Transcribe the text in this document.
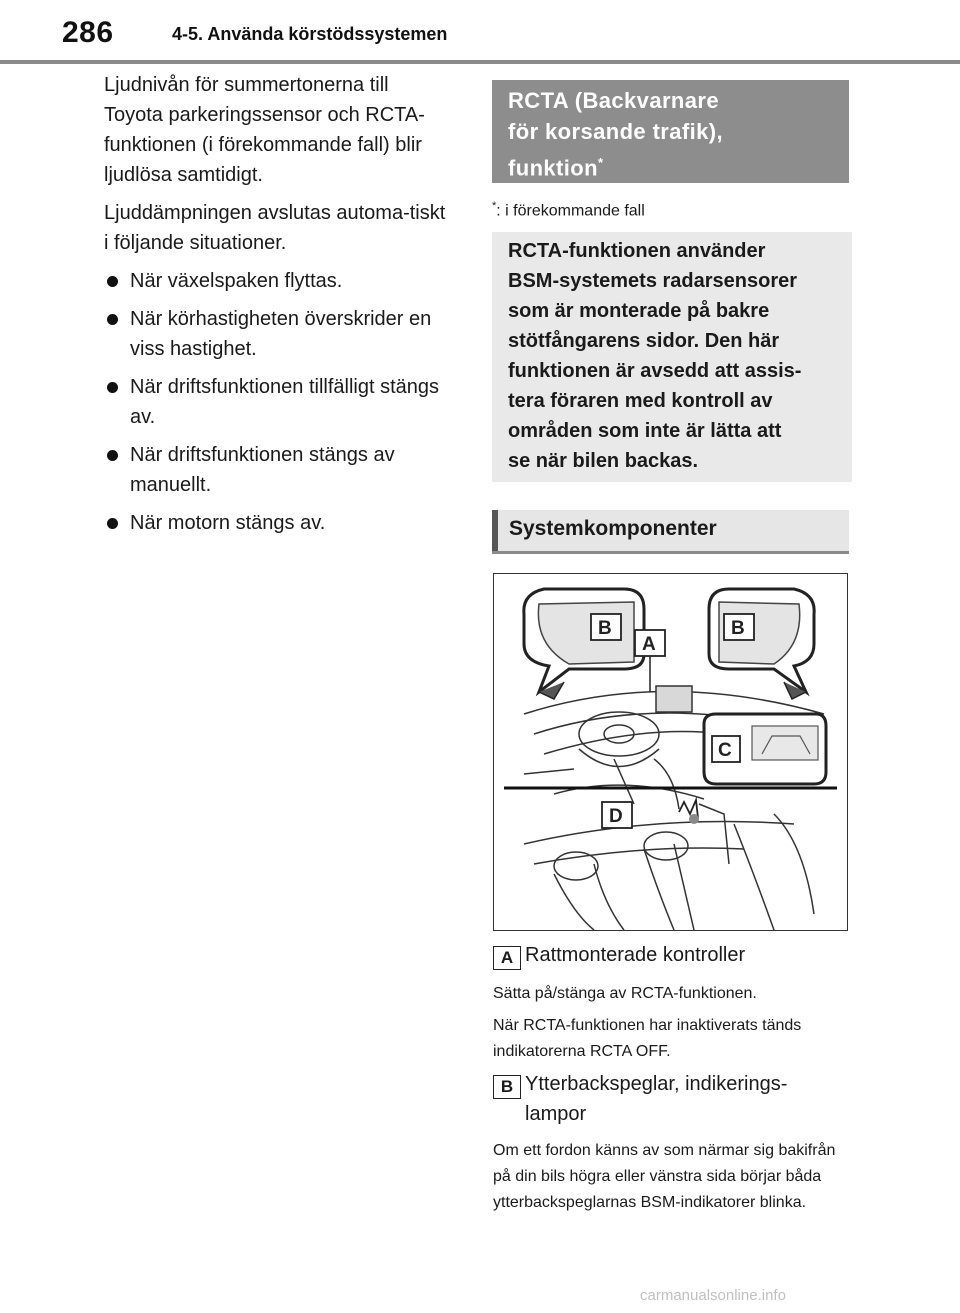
286	4-5. Använda körstödssystemen

Ljudnivån för summertonerna till Toyota parkeringssensor och RCTA-funktionen (i förekommande fall) blir ljudlösa samtidigt.

Ljuddämpningen avslutas automa-tiskt i följande situationer.

När växelspaken flyttas.
När körhastigheten överskrider en viss hastighet.
När driftsfunktionen tillfälligt stängs av.
När driftsfunktionen stängs av manuellt.
När motorn stängs av.
RCTA (Backvarnare
för korsande trafik),
funktion*
*: i förekommande fall
RCTA-funktionen använder
BSM-systemets radarsensorer
som är monterade på bakre
stötfångarens sidor. Den här
funktionen är avsedd att assis-
tera föraren med kontroll av
områden som inte är lätta att
se när bilen backas.
Systemkomponenter
B
A
B
C
D
A Rattmonterade kontroller

Sätta på/stänga av RCTA-funktionen.

När RCTA-funktionen har inaktiverats tänds indikatorerna RCTA OFF.

B Ytterbackspeglar, indikerings-
lampor

Om ett fordon känns av som närmar sig bakifrån på din bils högra eller vänstra sida börjar båda ytterbackspeglarnas BSM-indikatorer blinka.

carmanualsonline.info
